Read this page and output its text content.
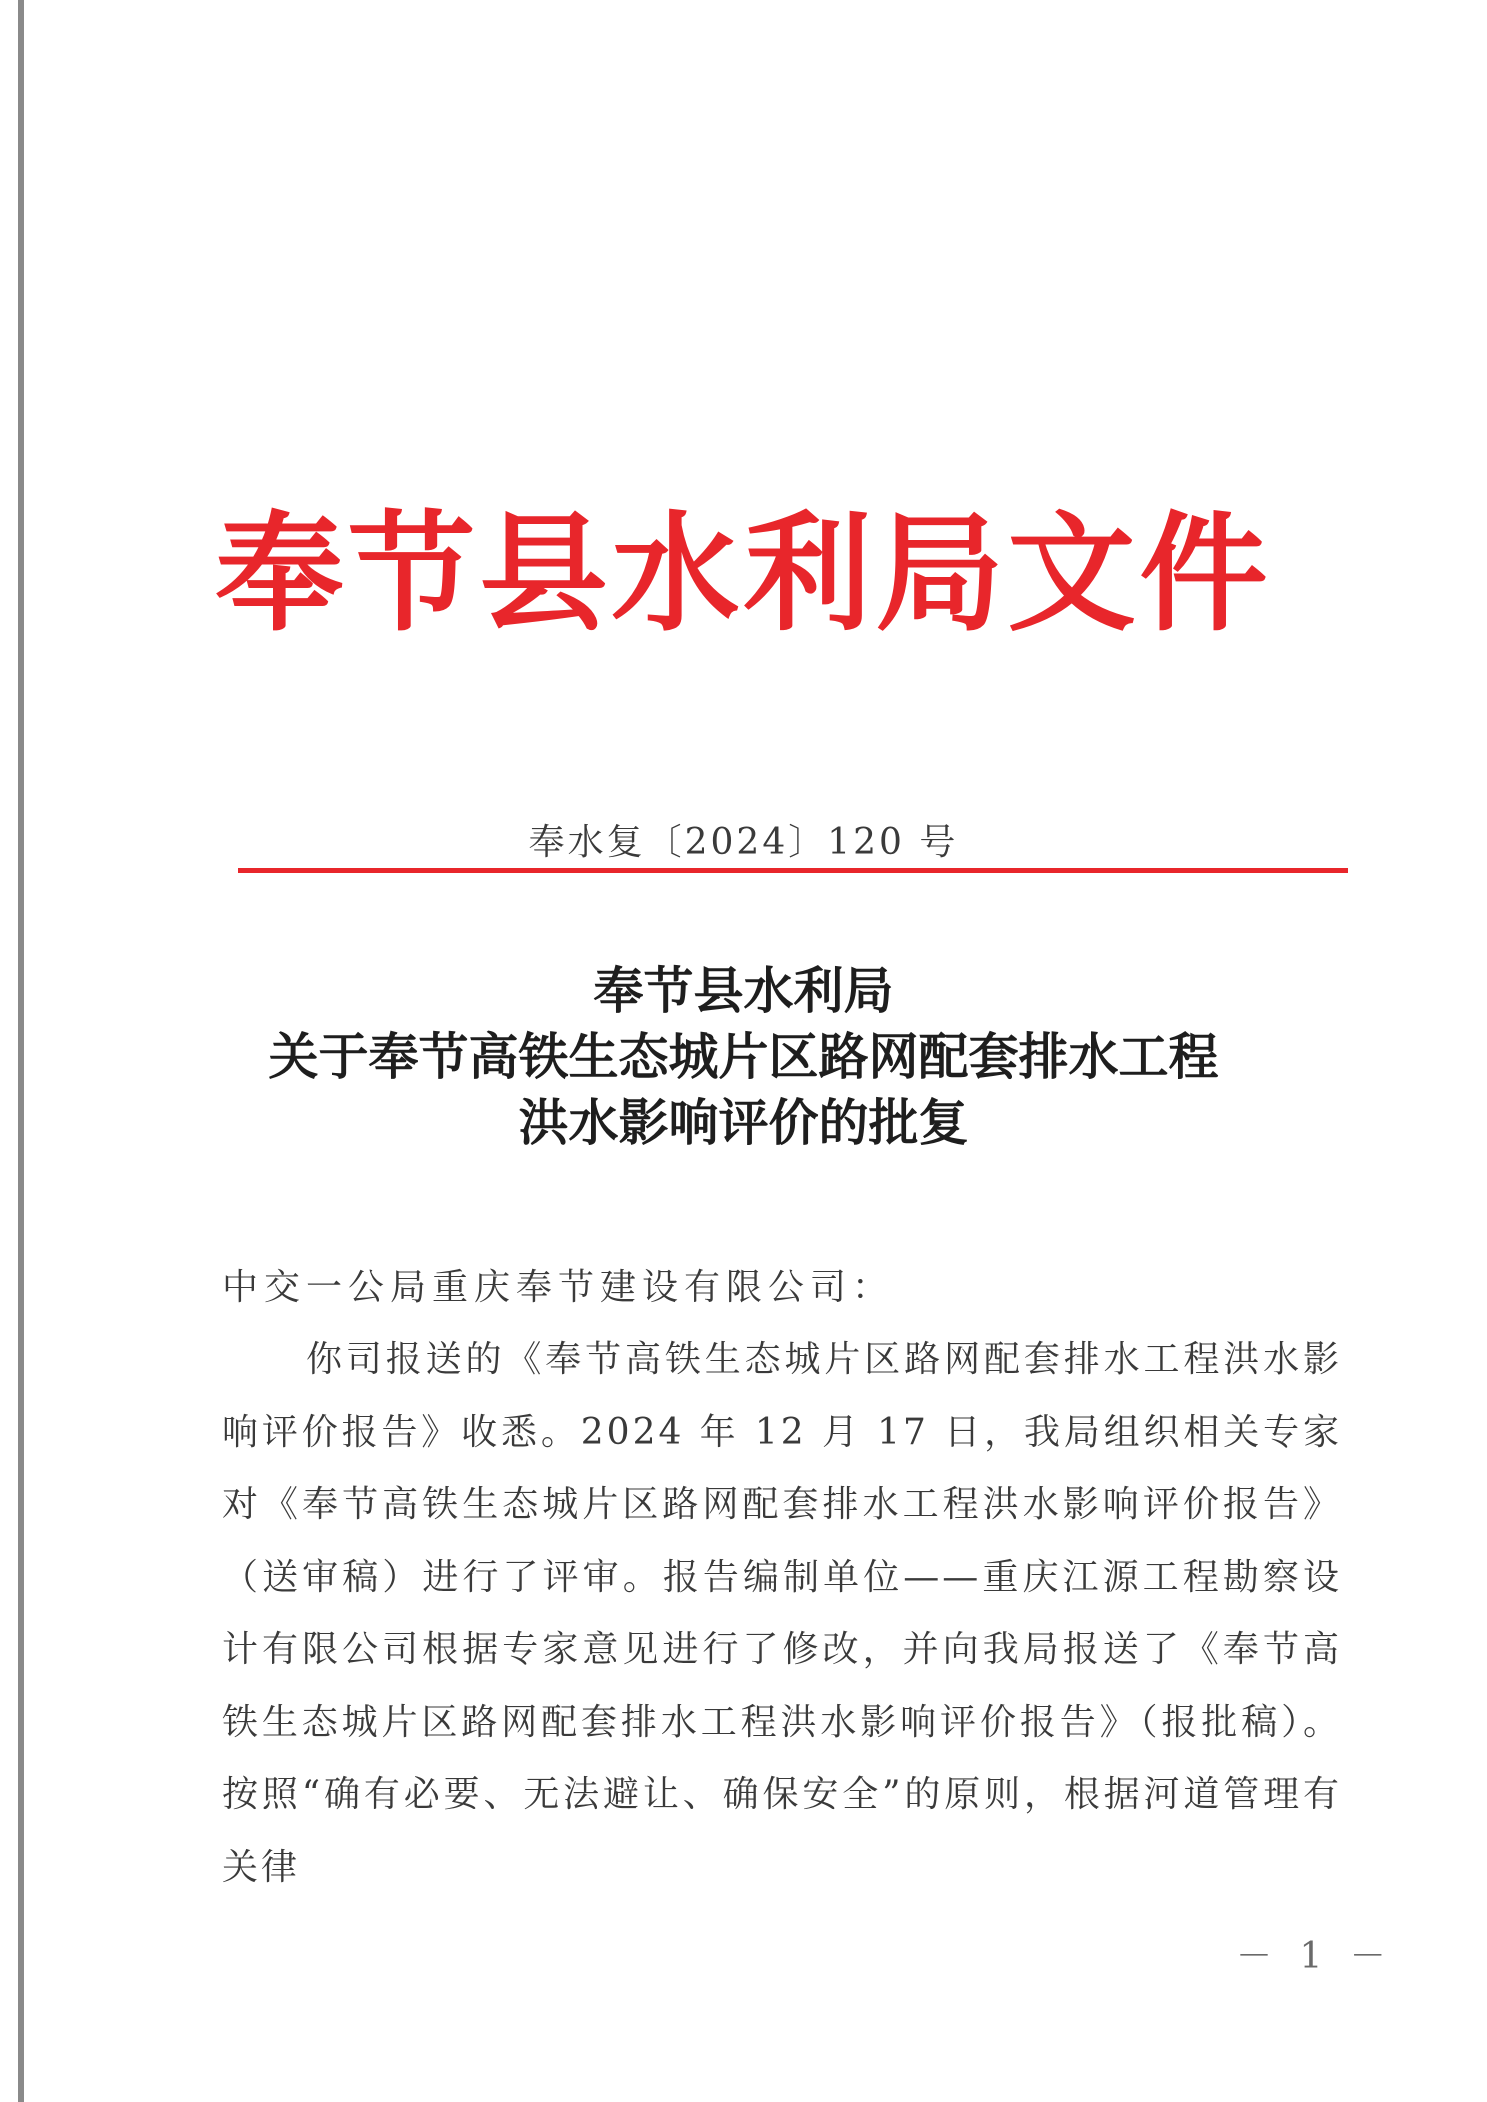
奉节县水利局文件
奉水复〔2024〕120 号
奉节县水利局
关于奉节高铁生态城片区路网配套排水工程
洪水影响评价的批复
中交一公局重庆奉节建设有限公司：

你司报送的《奉节高铁生态城片区路网配套排水工程洪水影响评价报告》收悉。2024 年 12 月 17 日，我局组织相关专家对《奉节高铁生态城片区路网配套排水工程洪水影响评价报告》（送审稿）进行了评审。报告编制单位——重庆江源工程勘察设计有限公司根据专家意见进行了修改，并向我局报送了《奉节高铁生态城片区路网配套排水工程洪水影响评价报告》（报批稿）。按照“确有必要、无法避让、确保安全”的原则，根据河道管理有关律

－ 1 －
